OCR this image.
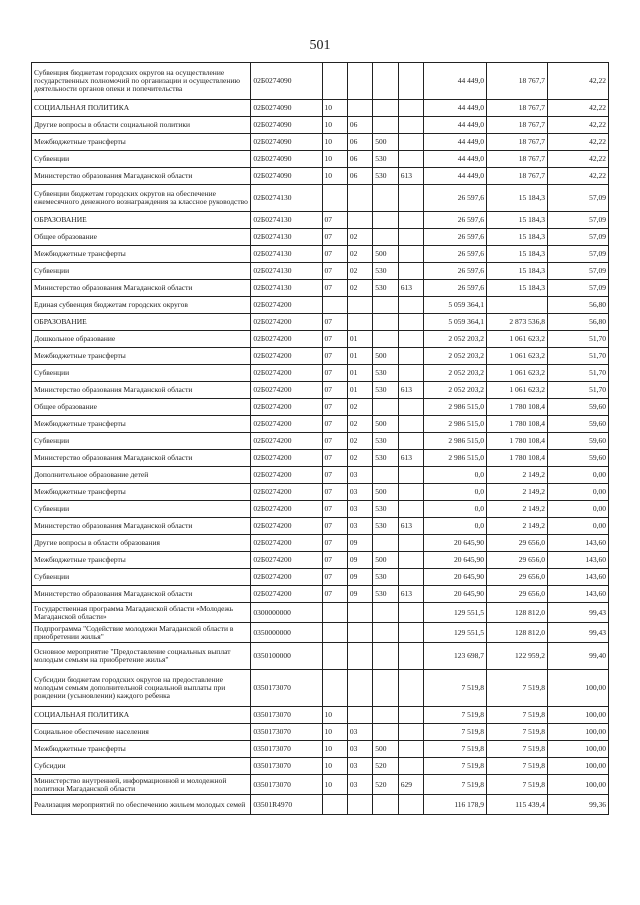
501
Субвенция бюджетам городских округов на осуществление государственных полномочий по организации и осуществлению деятельности органов опеки и попечительства	02Б0274090					44 449,0	18 767,7	42,22
СОЦИАЛЬНАЯ ПОЛИТИКА	02Б0274090	10				44 449,0	18 767,7	42,22
Другие вопросы в области социальной политики	02Б0274090	10	06			44 449,0	18 767,7	42,22
Межбюджетные трансферты	02Б0274090	10	06	500		44 449,0	18 767,7	42,22
Субвенции	02Б0274090	10	06	530		44 449,0	18 767,7	42,22
Министерство образования Магаданской области	02Б0274090	10	06	530	613	44 449,0	18 767,7	42,22
Субвенции бюджетам городских округов на обеспечение ежемесячного денежного вознаграждения за классное руководство	02Б0274130					26 597,6	15 184,3	57,09
ОБРАЗОВАНИЕ	02Б0274130	07				26 597,6	15 184,3	57,09
Общее образование	02Б0274130	07	02			26 597,6	15 184,3	57,09
Межбюджетные трансферты	02Б0274130	07	02	500		26 597,6	15 184,3	57,09
Субвенции	02Б0274130	07	02	530		26 597,6	15 184,3	57,09
Министерство образования Магаданской области	02Б0274130	07	02	530	613	26 597,6	15 184,3	57,09
Единая субвенция бюджетам городских округов	02Б0274200					5 059 364,1		56,80
ОБРАЗОВАНИЕ	02Б0274200	07				5 059 364,1	2 873 536,8	56,80
Дошкольное образование	02Б0274200	07	01			2 052 203,2	1 061 623,2	51,70
Межбюджетные трансферты	02Б0274200	07	01	500		2 052 203,2	1 061 623,2	51,70
Субвенции	02Б0274200	07	01	530		2 052 203,2	1 061 623,2	51,70
Министерство образования Магаданской области	02Б0274200	07	01	530	613	2 052 203,2	1 061 623,2	51,70
Общее образование	02Б0274200	07	02			2 986 515,0	1 780 108,4	59,60
Межбюджетные трансферты	02Б0274200	07	02	500		2 986 515,0	1 780 108,4	59,60
Субвенции	02Б0274200	07	02	530		2 986 515,0	1 780 108,4	59,60
Министерство образования Магаданской области	02Б0274200	07	02	530	613	2 986 515,0	1 780 108,4	59,60
Дополнительное образование детей	02Б0274200	07	03			0,0	2 149,2	0,00
Межбюджетные трансферты	02Б0274200	07	03	500		0,0	2 149,2	0,00
Субвенции	02Б0274200	07	03	530		0,0	2 149,2	0,00
Министерство образования Магаданской области	02Б0274200	07	03	530	613	0,0	2 149,2	0,00
Другие вопросы в области образования	02Б0274200	07	09			20 645,90	29 656,0	143,60
Межбюджетные трансферты	02Б0274200	07	09	500		20 645,90	29 656,0	143,60
Субвенции	02Б0274200	07	09	530		20 645,90	29 656,0	143,60
Министерство образования Магаданской области	02Б0274200	07	09	530	613	20 645,90	29 656,0	143,60
Государственная программа Магаданской области «Молодежь Магаданской области»	0300000000					129 551,5	128 812,0	99,43
Подпрограмма "Содействие молодежи Магаданской области в приобретении жилья"	0350000000					129 551,5	128 812,0	99,43
Основное мероприятие "Предоставление социальных выплат молодым семьям на приобретение жилья"	0350100000					123 698,7	122 959,2	99,40
Субсидии бюджетам городских округов на предоставление молодым семьям дополнительной социальной выплаты при рождении (усыновлении) каждого ребенка	0350173070					7 519,8	7 519,8	100,00
СОЦИАЛЬНАЯ ПОЛИТИКА	0350173070	10				7 519,8	7 519,8	100,00
Социальное обеспечение населения	0350173070	10	03			7 519,8	7 519,8	100,00
Межбюджетные трансферты	0350173070	10	03	500		7 519,8	7 519,8	100,00
Субсидии	0350173070	10	03	520		7 519,8	7 519,8	100,00
Министерство внутренней, информационной и молодежной политики Магаданской области	0350173070	10	03	520	629	7 519,8	7 519,8	100,00
Реализация мероприятий по обеспечению жильем молодых семей	03501R4970					116 178,9	115 439,4	99,36
